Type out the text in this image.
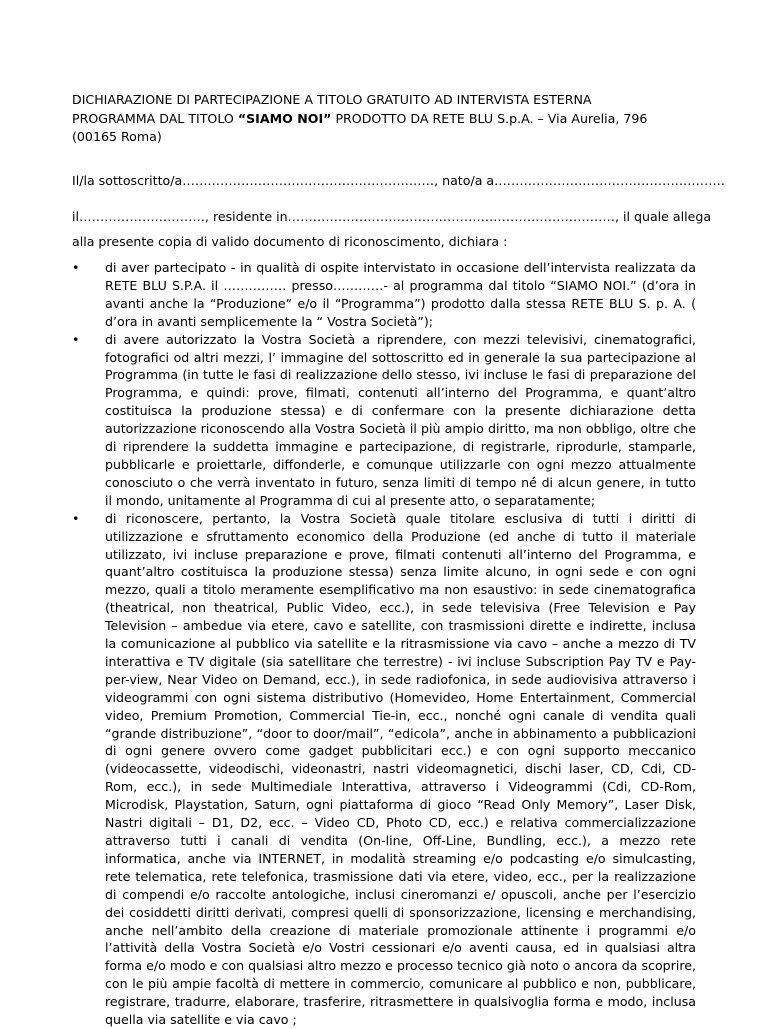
DICHIARAZIONE DI PARTECIPAZIONE A TITOLO GRATUITO AD INTERVISTA ESTERNA
PROGRAMMA DAL TITOLO “SIAMO NOI” PRODOTTO DA RETE BLU S.p.A. – Via Aurelia, 796
(00165 Roma)
Il/la sottoscritto/a……………………………………………………, nato/a a……………………………………………….
il…………………………, residente in……………………………………………………………………, il quale allega
alla presente copia di valido documento di riconoscimento, dichiara :
• di aver partecipato - in qualità di ospite intervistato in occasione dell’intervista realizzata da RETE BLU S.P.A. il …………… presso…………- al programma dal titolo “SIAMO NOI.” (d’ora in avanti anche la “Produzione” e/o il “Programma”) prodotto dalla stessa RETE BLU S. p. A. ( d’ora in avanti semplicemente la “ Vostra Società”);
• di avere autorizzato la Vostra Società a riprendere, con mezzi televisivi, cinematografici, fotografici od altri mezzi, l’ immagine del sottoscritto ed in generale la sua partecipazione al Programma (in tutte le fasi di realizzazione dello stesso, ivi incluse le fasi di preparazione del Programma, e quindi: prove, filmati, contenuti all’interno del Programma, e quant’altro costituisca la produzione stessa) e di confermare con la presente dichiarazione detta autorizzazione riconoscendo alla Vostra Società il più ampio diritto, ma non obbligo, oltre che di riprendere la suddetta immagine e partecipazione, di registrarle, riprodurle, stamparle, pubblicarle e proiettarle, diffonderle, e comunque utilizzarle con ogni mezzo attualmente conosciuto o che verrà inventato in futuro, senza limiti di tempo né di alcun genere, in tutto il mondo, unitamente al Programma di cui al presente atto, o separatamente;
• di riconoscere, pertanto, la Vostra Società quale titolare esclusiva di tutti i diritti di utilizzazione e sfruttamento economico della Produzione (ed anche di tutto il materiale utilizzato, ivi incluse preparazione e prove, filmati contenuti all’interno del Programma, e quant’altro costituisca la produzione stessa) senza limite alcuno, in ogni sede e con ogni mezzo, quali a titolo meramente esemplificativo ma non esaustivo: in sede cinematografica (theatrical, non theatrical, Public Video, ecc.), in sede televisiva (Free Television e Pay Television – ambedue via etere, cavo e satellite, con trasmissioni dirette e indirette, inclusa la comunicazione al pubblico via satellite e la ritrasmissione via cavo – anche a mezzo di TV interattiva e TV digitale (sia satellitare che terrestre) - ivi incluse Subscription Pay TV e Pay-per-view, Near Video on Demand, ecc.), in sede radiofonica, in sede audiovisiva attraverso i videogrammi con ogni sistema distributivo (Homevideo, Home Entertainment, Commercial video, Premium Promotion, Commercial Tie-in, ecc., nonché ogni canale di vendita quali “grande distribuzione”, “door to door/mail”, “edicola”, anche in abbinamento a pubblicazioni di ogni genere ovvero come gadget pubblicitari ecc.) e con ogni supporto meccanico (videocassette, videodischi, videonastri, nastri videomagnetici, dischi laser, CD, Cdi, CD-Rom, ecc.), in sede Multimediale Interattiva, attraverso i Videogrammi (Cdi, CD-Rom, Microdisk, Playstation, Saturn, ogni piattaforma di gioco “Read Only Memory”, Laser Disk, Nastri digitali – D1, D2, ecc. – Video CD, Photo CD, ecc.) e relativa commercializzazione attraverso tutti i canali di vendita (On-line, Off-Line, Bundling, ecc.), a mezzo rete informatica, anche via INTERNET, in modalità streaming e/o podcasting e/o simulcasting, rete telematica, rete telefonica, trasmissione dati via etere, video, ecc., per la realizzazione di compendi e/o raccolte antologiche, inclusi cineromanzi e/ opuscoli, anche per l’esercizio dei cosiddetti diritti derivati, compresi quelli di sponsorizzazione, licensing e merchandising, anche nell’ambito della creazione di materiale promozionale attinente i programmi e/o l’attività della Vostra Società e/o Vostri cessionari e/o aventi causa, ed in qualsiasi altra forma e/o modo e con qualsiasi altro mezzo e processo tecnico già noto o ancora da scoprire, con le più ampie facoltà di mettere in commercio, comunicare al pubblico e non, pubblicare, registrare, tradurre, elaborare, trasferire, ritrasmettere in qualsivoglia forma e modo, inclusa quella via satellite e via cavo ;
